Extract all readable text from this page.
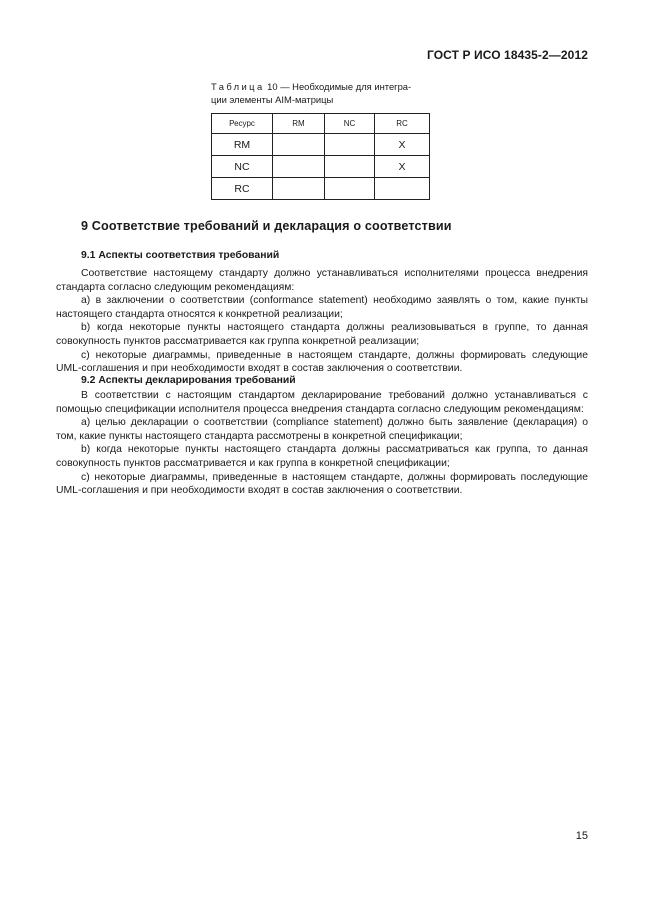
ГОСТ Р ИСО 18435-2—2012
Таблица 10 — Необходимые для интегра-
ции элементы AIM-матрицы
Ресурс	RM	NC	RC
RM			X
NC			X
RC			
9 Соответствие требований и декларация о соответствии
9.1 Аспекты соответствия требований

Соответствие настоящему стандарту должно устанавливаться исполнителями процесса внедрения стандарта согласно следующим рекомендациям:

a) в заключении о соответствии (conformance statement) необходимо заявлять о том, какие пункты настоящего стандарта относятся к конкретной реализации;

b) когда некоторые пункты настоящего стандарта должны реализовываться в группе, то данная совокупность пунктов рассматривается как группа конкретной реализации;

c) некоторые диаграммы, приведенные в настоящем стандарте, должны формировать следующие UML-соглашения и при необходимости входят в состав заключения о соответствии.

9.2 Аспекты декларирования требований

В соответствии с настоящим стандартом декларирование требований должно устанавливаться с помощью спецификации исполнителя процесса внедрения стандарта согласно следующим рекомендациям:

a) целью декларации о соответствии (compliance statement) должно быть заявление (декларация) о том, какие пункты настоящего стандарта рассмотрены в конкретной спецификации;

b) когда некоторые пункты настоящего стандарта должны рассматриваться как группа, то данная совокупность пунктов рассматривается и как группа в конкретной спецификации;

c) некоторые диаграммы, приведенные в настоящем стандарте, должны формировать последующие UML-соглашения и при необходимости входят в состав заключения о соответствии.

15
